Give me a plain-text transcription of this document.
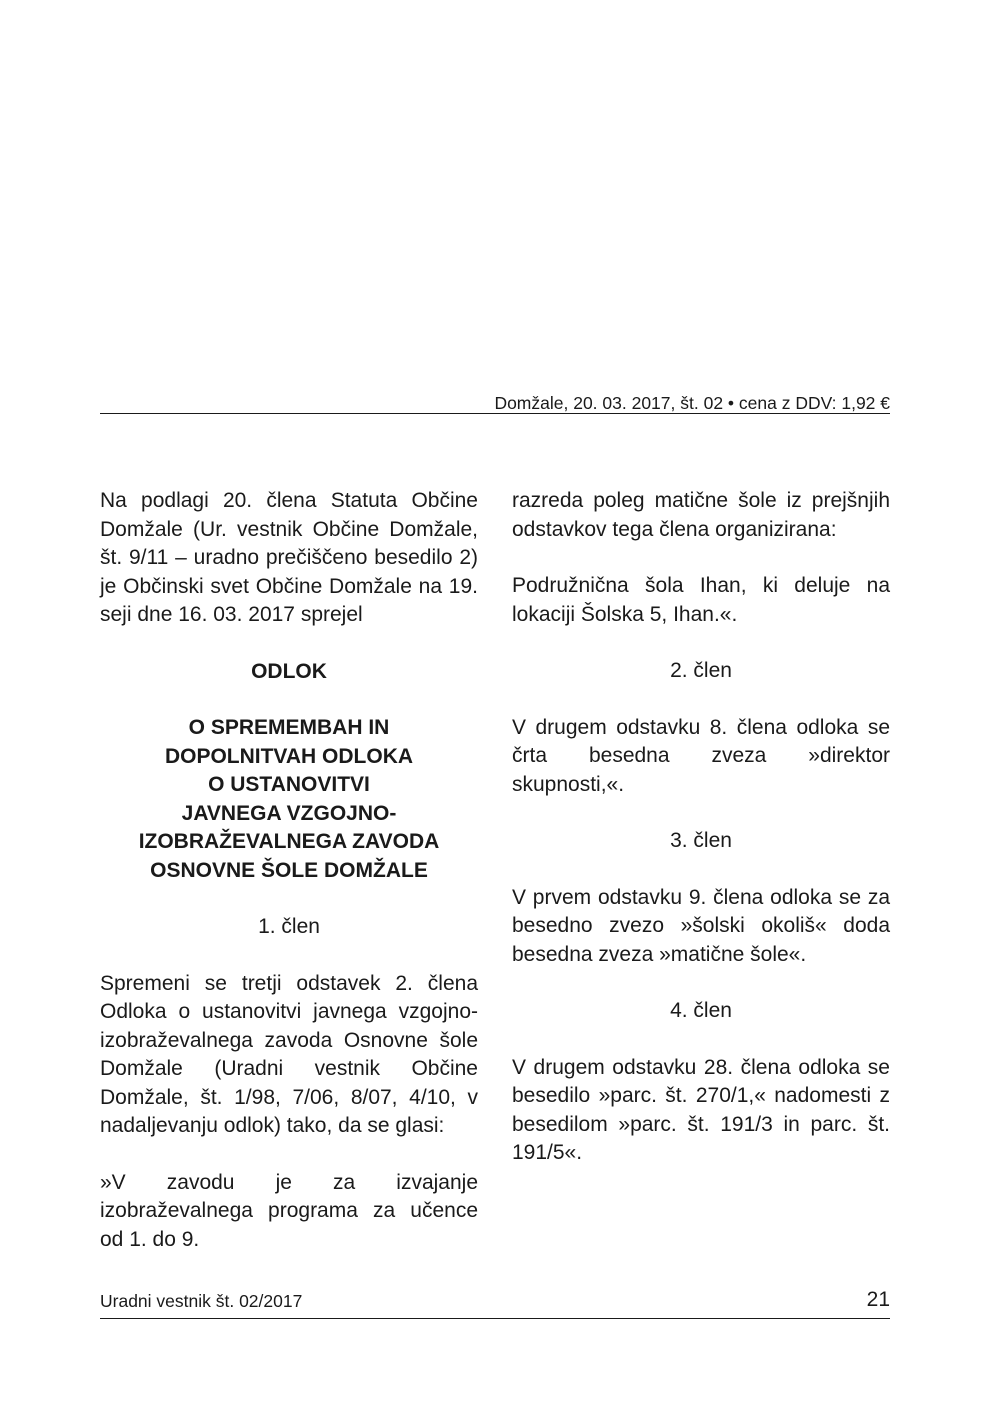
Domžale, 20. 03. 2017, št. 02 • cena z DDV: 1,92 €

Na podlagi 20. člena Statuta Občine Domžale (Ur. vestnik Občine Domžale, št. 9/11 – uradno prečiščeno besedilo 2) je Občinski svet Občine Domžale na 19. seji dne 16. 03. 2017 sprejel

ODLOK
O SPREMEMBAH IN
DOPOLNITVAH ODLOKA
O USTANOVITVI
JAVNEGA VZGOJNO-
IZOBRAŽEVALNEGA ZAVODA
OSNOVNE ŠOLE DOMŽALE

1. člen

Spremeni se tretji odstavek 2. člena Odloka o ustanovitvi javnega vzgojno-izobraževalnega zavoda Osnovne šole Domžale (Uradni vestnik Občine Domžale, št. 1/98, 7/06, 8/07, 4/10, v nadaljevanju odlok) tako, da se glasi:

»V zavodu je za izvajanje izobraževalnega programa za učence od 1. do 9.

razreda poleg matične šole iz prejšnjih odstavkov tega člena organizirana:

Podružnična šola Ihan, ki deluje na lokaciji Šolska 5, Ihan.«.

2. člen

V drugem odstavku 8. člena odloka se črta besedna zveza »direktor skupnosti,«.

3. člen

V prvem odstavku 9. člena odloka se za besedno zvezo »šolski okoliš« doda besedna zveza »matične šole«.

4. člen

V drugem odstavku 28. člena odloka se besedilo »parc. št. 270/1,« nadomesti z besedilom »parc. št. 191/3 in parc. št. 191/5«.

Uradni vestnik št. 02/2017	21
